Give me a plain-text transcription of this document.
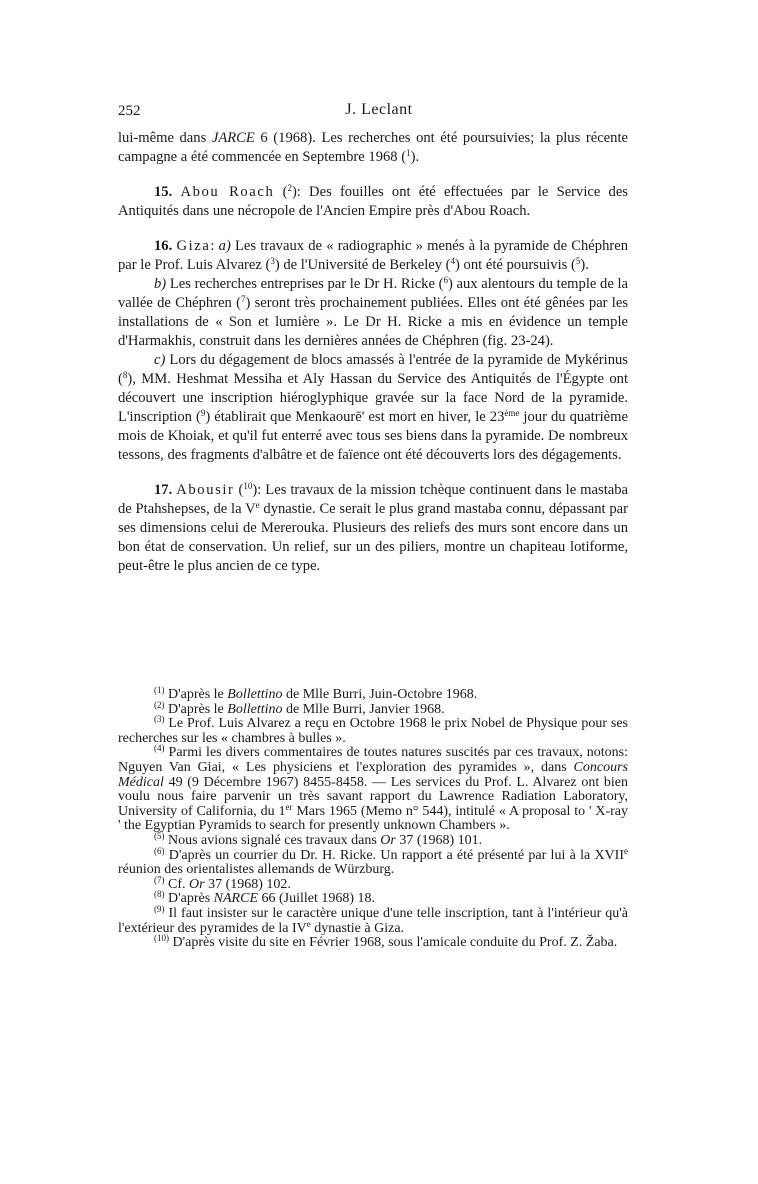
252	J. Leclant

lui-même dans JARCE 6 (1968). Les recherches ont été poursuivies; la plus récente campagne a été commencée en Septembre 1968 ($^1$).

15. Abou Roach ($^2$): Des fouilles ont été effectuées par le Service des Antiquités dans une nécropole de l'Ancien Empire près d'Abou Roach.

16. Giza: a) Les travaux de « radiographic » menés à la pyramide de Chéphren par le Prof. Luis Alvarez ($^3$) de l'Université de Berkeley ($^4$) ont été poursuivis ($^5$).

b) Les recherches entreprises par le Dr H. Ricke ($^6$) aux alentours du temple de la vallée de Chéphren ($^7$) seront très prochainement publiées. Elles ont été gênées par les installations de « Son et lumière ». Le Dr H. Ricke a mis en évidence un temple d'Harmakhis, construit dans les dernières années de Chéphren (fig. 23-24).

c) Lors du dégagement de blocs amassés à l'entrée de la pyramide de Mykérinus ($^8$), MM. Heshmat Messiha et Aly Hassan du Service des Antiquités de l'Égypte ont découvert une inscription hiéroglyphique gravée sur la face Nord de la pyramide. L'inscription ($^9$) établirait que Menkaourē' est mort en hiver, le 23ème jour du quatrième mois de Khoiak, et qu'il fut enterré avec tous ses biens dans la pyramide. De nombreux tessons, des fragments d'albâtre et de faïence ont été découverts lors des dégagements.

17. Abousir ($^{10}$): Les travaux de la mission tchèque continuent dans le mastaba de Ptahshepses, de la Ve dynastie. Ce serait le plus grand mastaba connu, dépassant par ses dimensions celui de Mererouka. Plusieurs des reliefs des murs sont encore dans un bon état de conservation. Un relief, sur un des piliers, montre un chapiteau lotiforme, peut-être le plus ancien de ce type.

$^{(1)}$ D'après le Bollettino de Mlle Burri, Juin-Octobre 1968.

$^{(2)}$ D'après le Bollettino de Mlle Burri, Janvier 1968.

$^{(3)}$ Le Prof. Luis Alvarez a reçu en Octobre 1968 le prix Nobel de Physique pour ses recherches sur les « chambres à bulles ».

$^{(4)}$ Parmi les divers commentaires de toutes natures suscités par ces travaux, notons: Nguyen Van Giai, « Les physiciens et l'exploration des pyramides », dans Concours Médical 49 (9 Décembre 1967) 8455-8458. — Les services du Prof. L. Alvarez ont bien voulu nous faire parvenir un très savant rapport du Lawrence Radiation Laboratory, University of California, du 1er Mars 1965 (Memo n° 544), intitulé « A proposal to ' X-ray ' the Egyptian Pyramids to search for presently unknown Chambers ».

$^{(5)}$ Nous avions signalé ces travaux dans Or 37 (1968) 101.

$^{(6)}$ D'après un courrier du Dr. H. Ricke. Un rapport a été présenté par lui à la XVIIe réunion des orientalistes allemands de Würzburg.

$^{(7)}$ Cf. Or 37 (1968) 102.

$^{(8)}$ D'après NARCE 66 (Juillet 1968) 18.

$^{(9)}$ Il faut insister sur le caractère unique d'une telle inscription, tant à l'intérieur qu'à l'extérieur des pyramides de la IVe dynastie à Giza.

$^{(10)}$ D'après visite du site en Février 1968, sous l'amicale conduite du Prof. Z. Žaba.
